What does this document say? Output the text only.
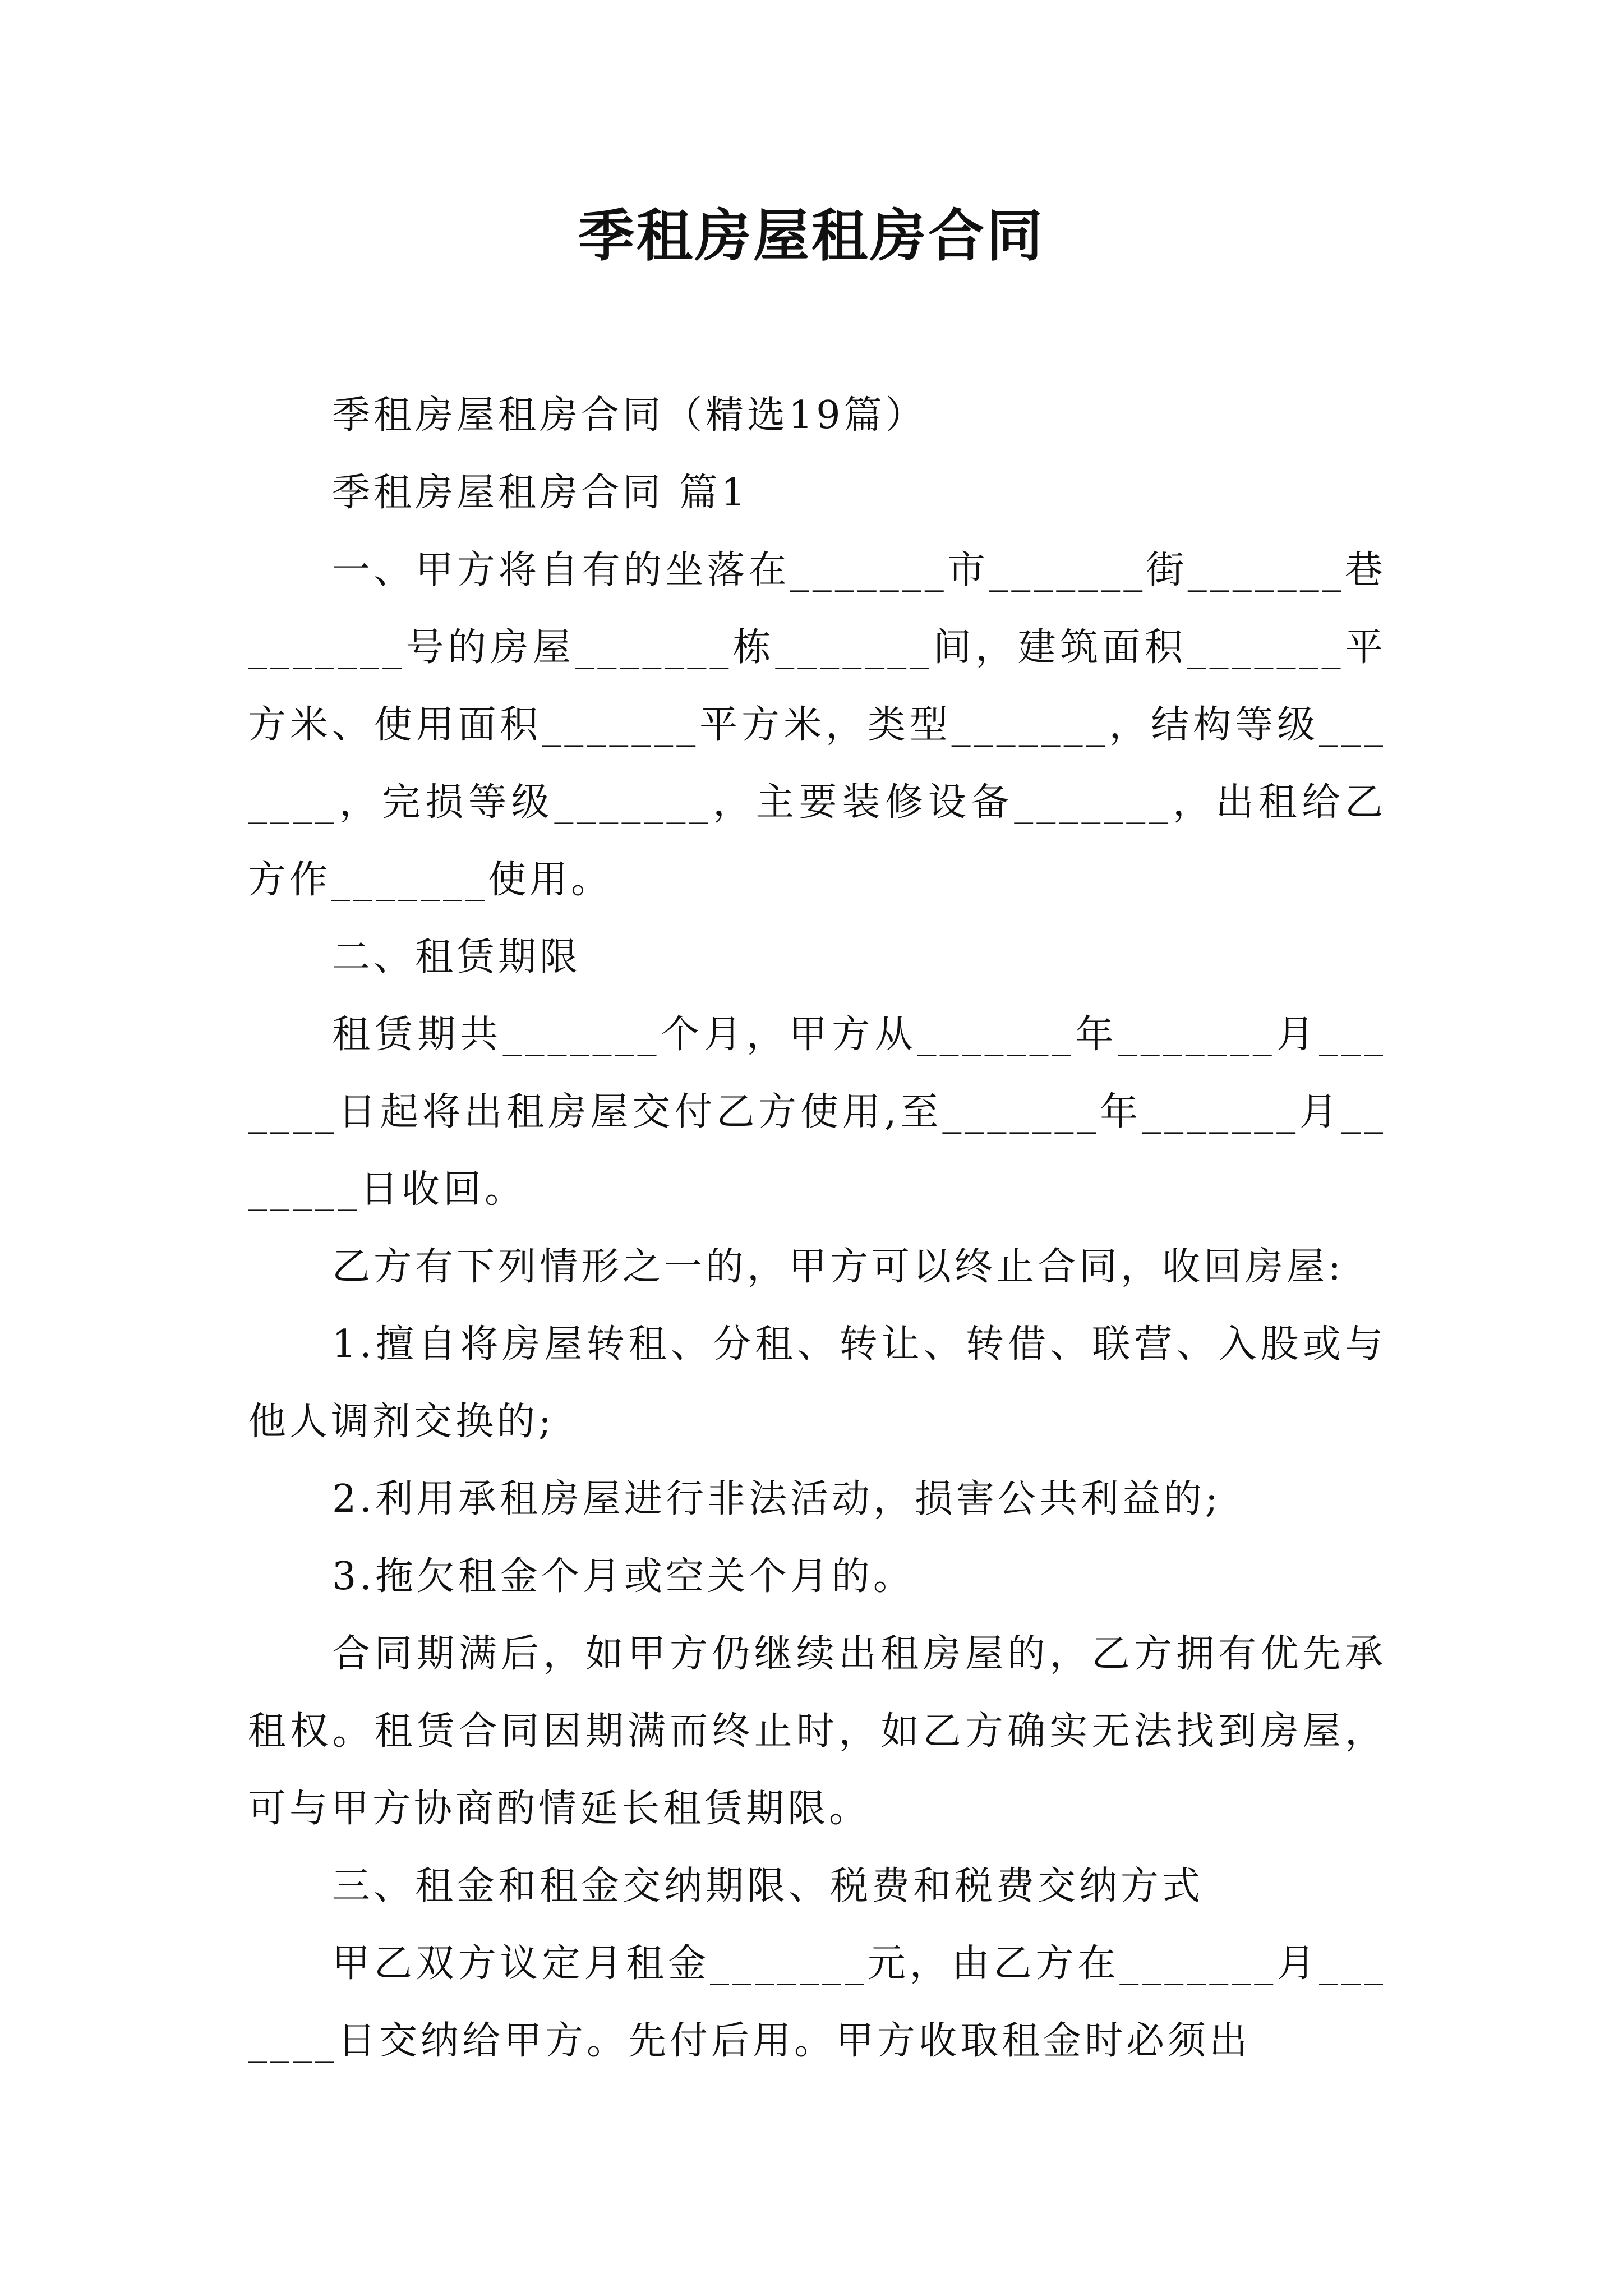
季租房屋租房合同

季租房屋租房合同（精选19篇）

季租房屋租房合同 篇1

一、甲方将自有的坐落在_______市_______街_______巷_______号的房屋_______栋_______间，建筑面积_______平方米、使用面积_______平方米，类型_______，结构等级_______，完损等级_______，主要装修设备_______，出租给乙方作_______使用。

二、租赁期限

租赁期共_______个月，甲方从_______年_______月_______日起将出租房屋交付乙方使用,至_______年_______月_______日收回。

乙方有下列情形之一的，甲方可以终止合同，收回房屋:

1.擅自将房屋转租、分租、转让、转借、联营、入股或与他人调剂交换的;

2.利用承租房屋进行非法活动，损害公共利益的;

3.拖欠租金个月或空关个月的。

合同期满后，如甲方仍继续出租房屋的，乙方拥有优先承租权。租赁合同因期满而终止时，如乙方确实无法找到房屋，可与甲方协商酌情延长租赁期限。

三、租金和租金交纳期限、税费和税费交纳方式

甲乙双方议定月租金_______元，由乙方在_______月_______日交纳给甲方。先付后用。甲方收取租金时必须出
